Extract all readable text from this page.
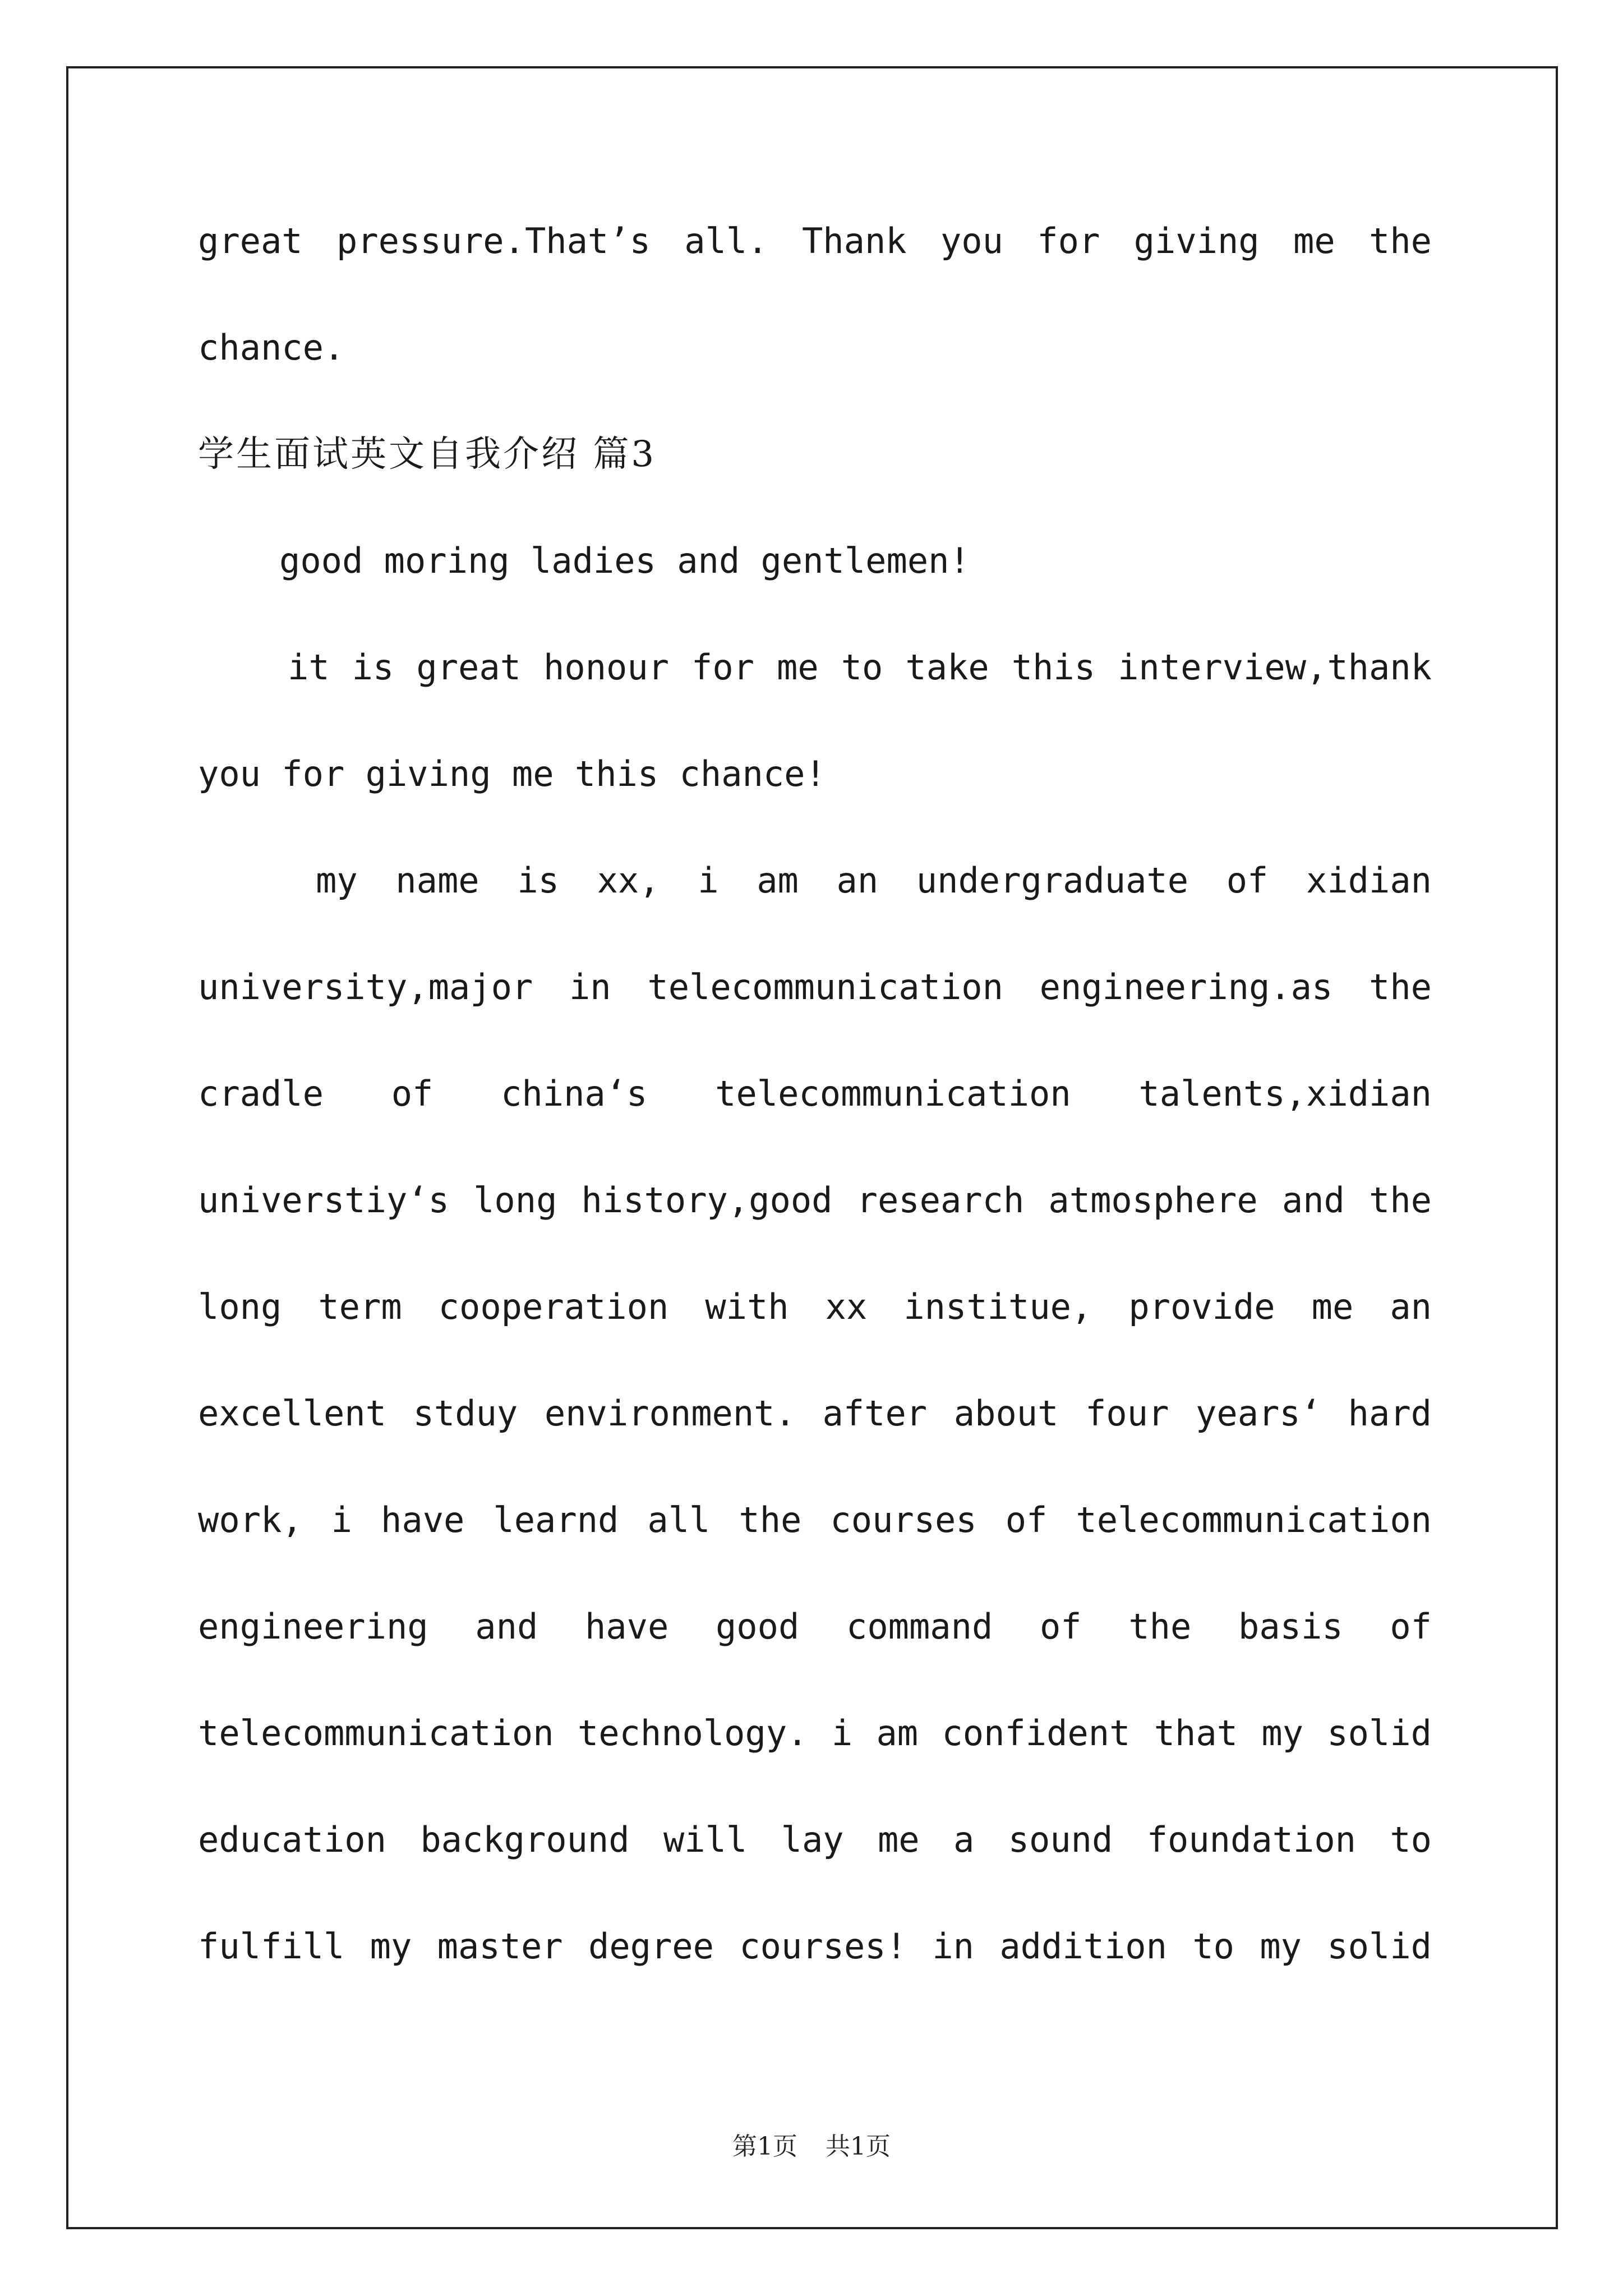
great pressure.That’s all. Thank you for giving me the
chance.
学生面试英文自我介绍 篇3
good moring ladies and gentlemen!
it is great honour for me to take this interview,thank
you for giving me this chance!
my name is xx, i am an undergraduate of xidian
university,major in telecommunication engineering.as the
cradle of china‘s telecommunication talents,xidian
universtiy‘s long history,good research atmosphere and the
long term cooperation with xx institue, provide me an
excellent stduy environment. after about four years‘ hard
work, i have learnd all the courses of telecommunication
engineering and have good command of the basis of
telecommunication technology. i am confident that my solid
education background will lay me a sound foundation to
fulfill my master degree courses! in addition to my solid
第1页 共1页
